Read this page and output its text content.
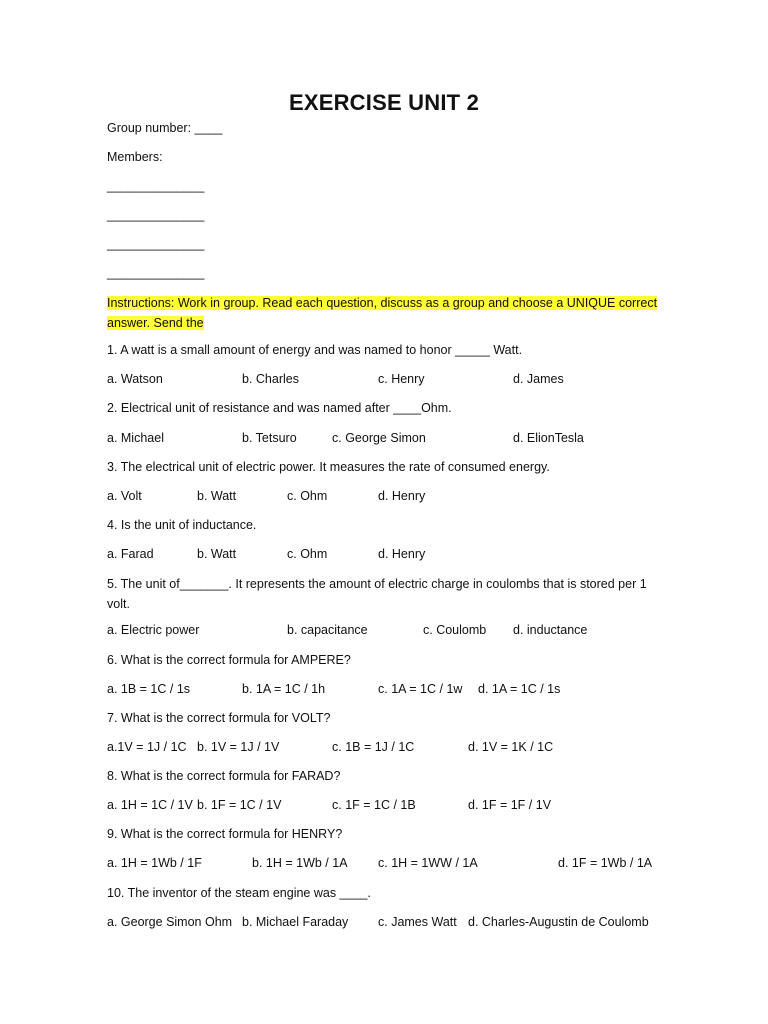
EXERCISE UNIT 2
Group number: ____
Members:
______________
______________
______________
______________
Instructions: Work in group. Read each question, discuss as a group and choose a UNIQUE correct
answer. Send the
1. A watt is a small amount of energy and was named to honor _____ Watt.
a. Watson	b. Charles	c. Henry	d. James
2. Electrical unit of resistance and was named after ____Ohm.
a. Michael	b. Tetsuro	c. George Simon	d. ElionTesla
3. The electrical unit of electric power. It measures the rate of consumed energy.
a. Volt	b. Watt	c. Ohm	d. Henry
4. Is the unit of inductance.
a. Farad	b. Watt	c. Ohm	d. Henry
5. The unit of_______. It represents the amount of electric charge in coulombs that is stored per 1 volt.
a. Electric power	b. capacitance	c. Coulomb d. inductance
6. What is the correct formula for AMPERE?
a. 1B = 1C / 1s	b. 1A = 1C / 1h	c. 1A = 1C / 1w d. 1A = 1C / 1s
7. What is the correct formula for VOLT?
a.1V = 1J / 1C b. 1V = 1J / 1V	c. 1B = 1J / 1C	d. 1V = 1K / 1C
8. What is the correct formula for FARAD?
a. 1H = 1C / 1V b. 1F = 1C / 1V	c. 1F = 1C / 1B	d. 1F = 1F / 1V
9. What is the correct formula for HENRY?
a. 1H = 1Wb / 1F	b. 1H = 1Wb / 1A c. 1H = 1WW / 1A	d. 1F = 1Wb / 1A
10. The inventor of the steam engine was ____.
a. George Simon Ohm b. Michael Faraday c. James Watt d. Charles-Augustin de Coulomb
